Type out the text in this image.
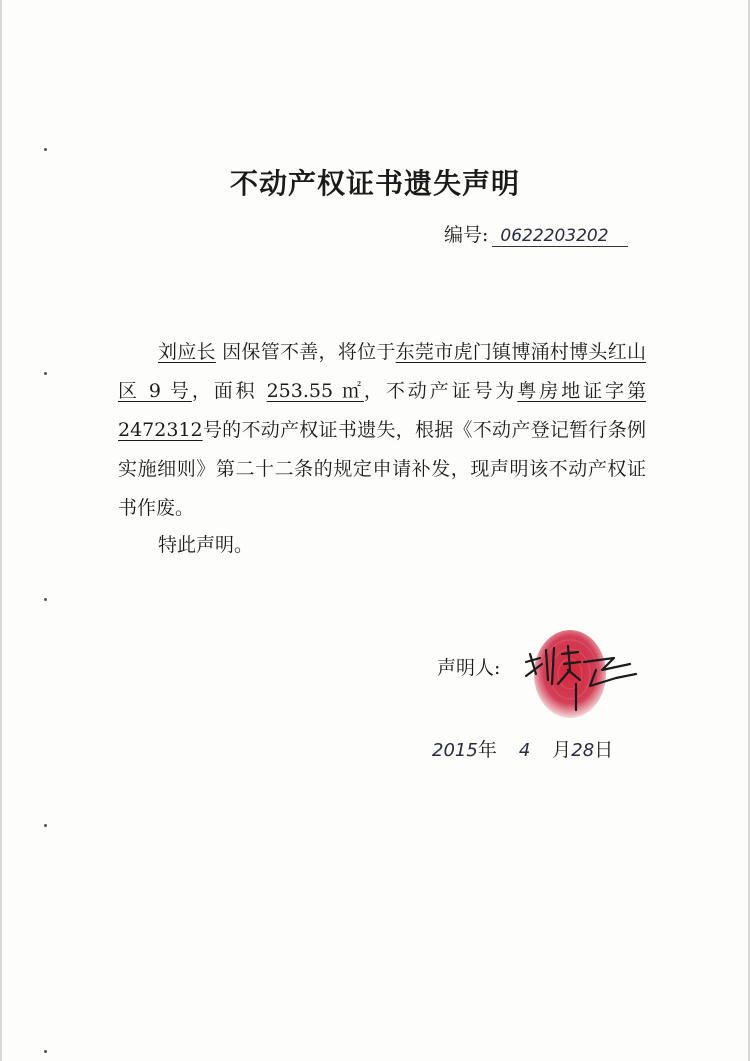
不动产权证书遗失声明
编号: 0622203202
刘应长 因保管不善，将位于东莞市虎门镇博涌村博头红山区 9 号，面积 253.55 ㎡，不动产证号为粤房地证字第2472312号的不动产权证书遗失，根据《不动产登记暂行条例实施细则》第二十二条的规定申请补发，现声明该不动产权证书作废。
特此声明。
声明人:
2015年 4 月28日
